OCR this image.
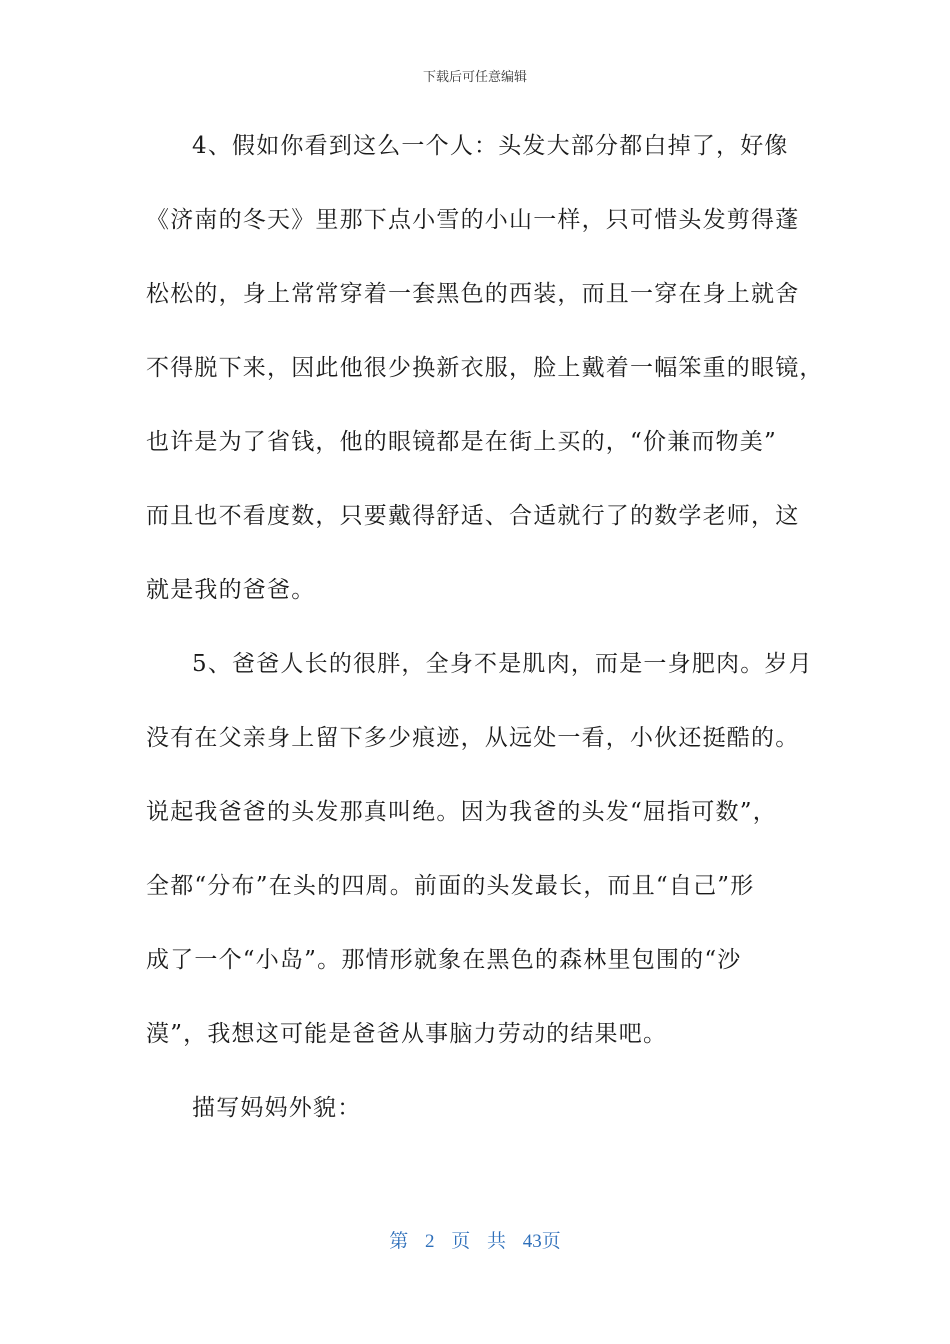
下载后可任意编辑
4、假如你看到这么一个人：头发大部分都白掉了，好像
《济南的冬天》里那下点小雪的小山一样，只可惜头发剪得蓬
松松的，身上常常穿着一套黑色的西装，而且一穿在身上就舍
不得脱下来，因此他很少换新衣服，脸上戴着一幅笨重的眼镜，
也许是为了省钱，他的眼镜都是在街上买的，“价兼而物美”
而且也不看度数，只要戴得舒适、合适就行了的数学老师，这
就是我的爸爸。
5、爸爸人长的很胖，全身不是肌肉，而是一身肥肉。岁月
没有在父亲身上留下多少痕迹，从远处一看，小伙还挺酷的。
说起我爸爸的头发那真叫绝。因为我爸的头发“屈指可数”，
全都“分布”在头的四周。前面的头发最长，而且“自己”形
成了一个“小岛”。那情形就象在黑色的森林里包围的“沙
漠”，我想这可能是爸爸从事脑力劳动的结果吧。
描写妈妈外貌：
第 2 页 共 43页
